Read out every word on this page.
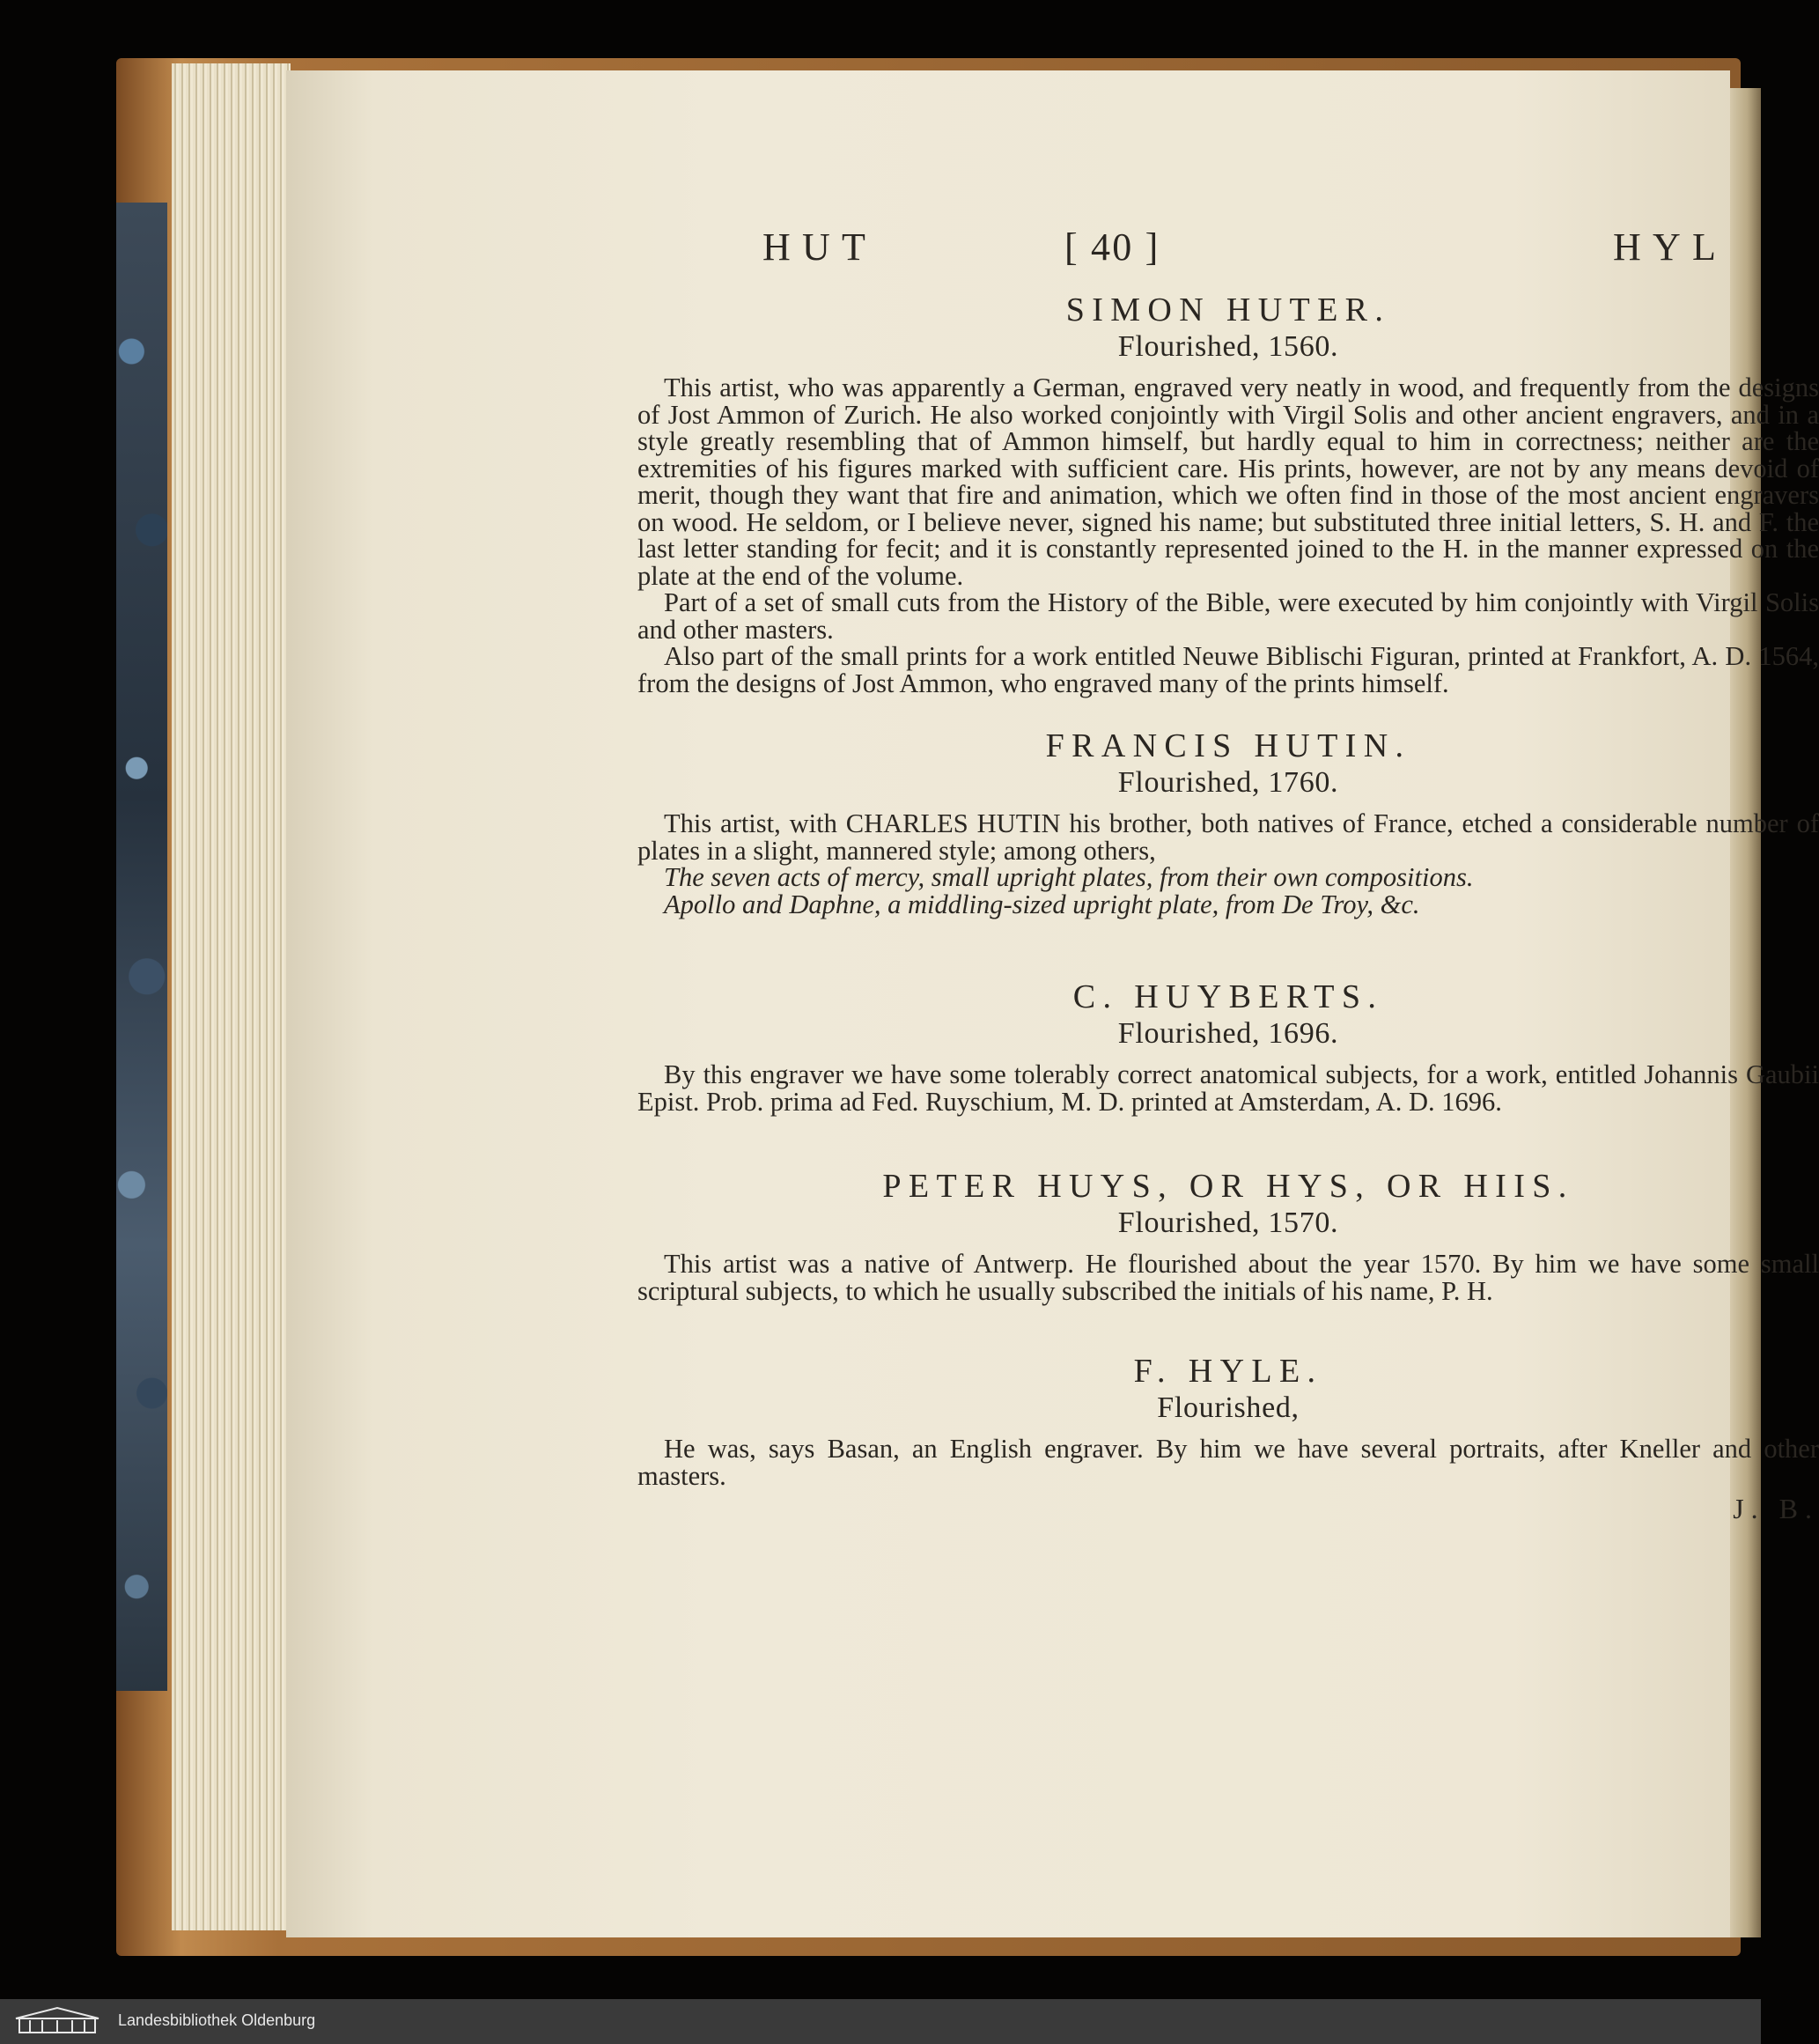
HUT	[ 40 ]	HYL
SIMON HUTER.
Flourished, 1560.

This artist, who was apparently a German, engraved very neatly in wood, and frequently from the designs of Jost Ammon of Zurich. He also worked conjointly with Virgil Solis and other ancient engravers, and in a style greatly resembling that of Ammon himself, but hardly equal to him in correctness; neither are the extremities of his figures marked with sufficient care. His prints, however, are not by any means devoid of merit, though they want that fire and animation, which we often find in those of the most ancient engravers on wood. He seldom, or I believe never, signed his name; but substituted three initial letters, S. H. and F. the last letter standing for fecit; and it is constantly represented joined to the H. in the manner expressed on the plate at the end of the volume.

Part of a set of small cuts from the History of the Bible, were executed by him conjointly with Virgil Solis and other masters.

Also part of the small prints for a work entitled Neuwe Biblischi Figuran, printed at Frankfort, A. D. 1564, from the designs of Jost Ammon, who engraved many of the prints himself.

FRANCIS HUTIN.
Flourished, 1760.

This artist, with CHARLES HUTIN his brother, both natives of France, etched a considerable number of plates in a slight, mannered style; among others,

The seven acts of mercy, small upright plates, from their own compositions.

Apollo and Daphne, a middling-sized upright plate, from De Troy, &c.

C. HUYBERTS.
Flourished, 1696.

By this engraver we have some tolerably correct anatomical subjects, for a work, entitled Johannis Gaubii Epist. Prob. prima ad Fed. Ruyschium, M. D. printed at Amsterdam, A. D. 1696.

PETER HUYS, OR HYS, OR HIIS.
Flourished, 1570.

This artist was a native of Antwerp. He flourished about the year 1570. By him we have some small scriptural subjects, to which he usually subscribed the initials of his name, P. H.

F. HYLE.
Flourished,

He was, says Basan, an English engraver. By him we have several portraits, after Kneller and other masters.

J. B.
Landesbibliothek Oldenburg
